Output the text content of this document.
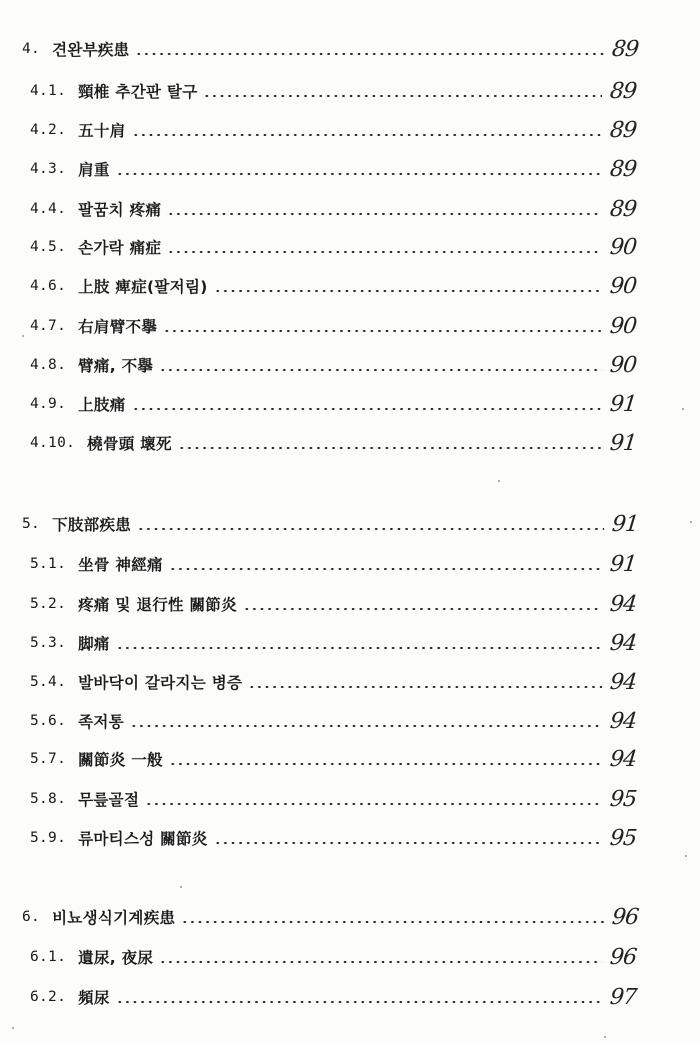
4. 견완부疾患	89
4.1. 頸椎 추간판 탈구	89
4.2. 五十肩	89
4.3. 肩重	89
4.4. 팔꿈치 疼痛	89
4.5. 손가락 痛症	90
4.6. 上肢 痺症(팔저림)	90
4.7. 右肩臂不擧	90
4.8. 臂痛, 不擧	90
4.9. 上肢痛	91
4.10. 橈骨頭 壞死	91
5. 下肢部疾患	91
5.1. 坐骨 神經痛	91
5.2. 疼痛 및 退行性 關節炎	94
5.3. 脚痛	94
5.4. 발바닥이 갈라지는 병증	94
5.6. 족저통	94
5.7. 關節炎 一般	94
5.8. 무릎골절	95
5.9. 류마티스성 關節炎	95
6. 비뇨생식기계疾患	96
6.1. 遺尿, 夜尿	96
6.2. 頻尿	97
